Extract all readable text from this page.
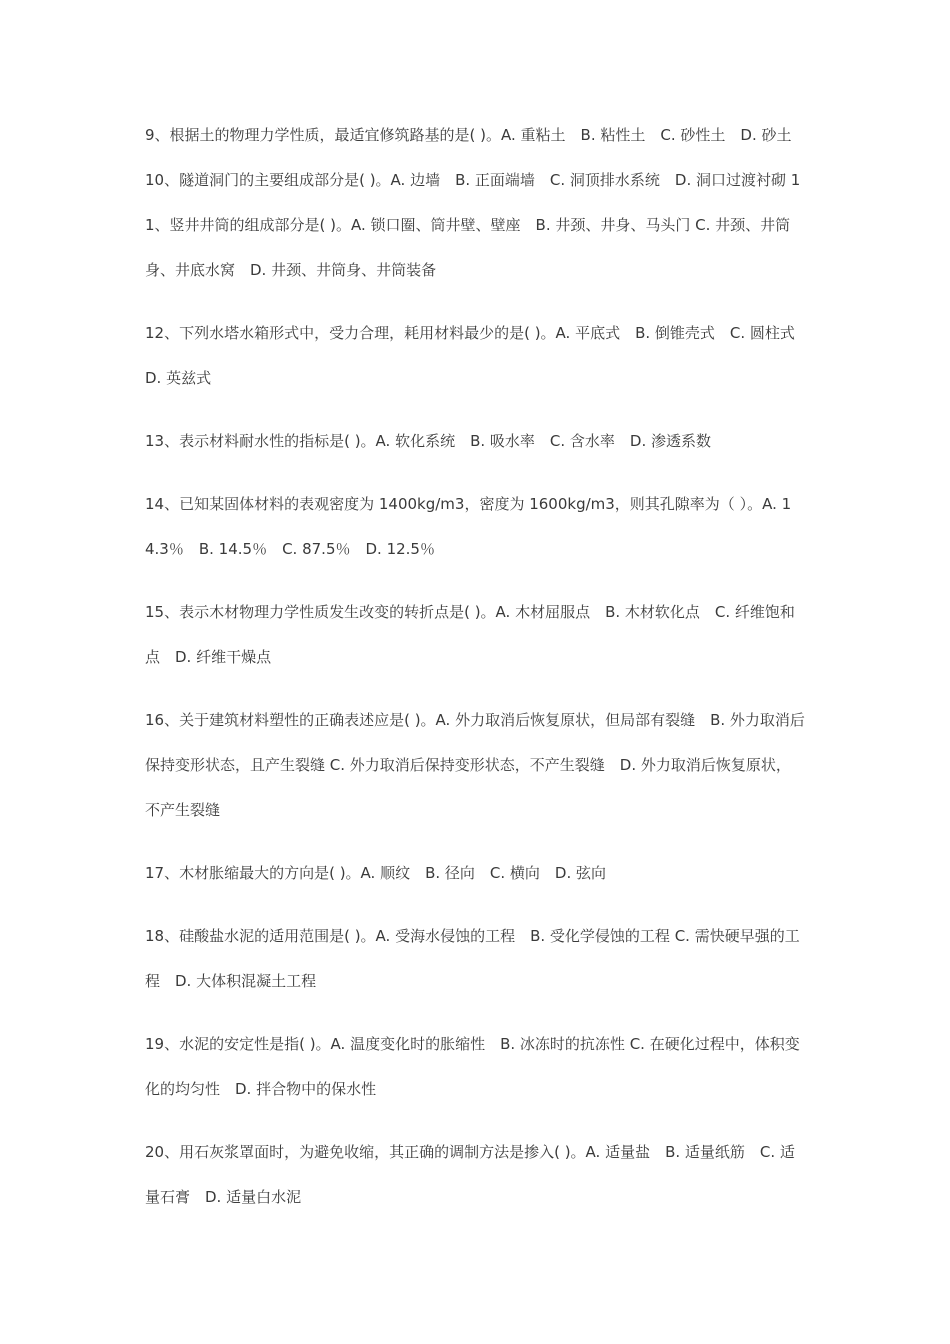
9、根据土的物理力学性质，最适宜修筑路基的是( )。A. 重粘土　B. 粘性土　C. 砂性土　D. 砂土 10、隧道洞门的主要组成部分是( )。A. 边墙　B. 正面端墙　C. 洞顶排水系统　D. 洞口过渡衬砌 11、竖井井筒的组成部分是( )。A. 锁口圈、筒井壁、壁座　B. 井颈、井身、马头门 C. 井颈、井筒身、井底水窝　D. 井颈、井筒身、井筒装备

12、下列水塔水箱形式中，受力合理，耗用材料最少的是( )。A. 平底式　B. 倒锥壳式　C. 圆柱式　D. 英兹式

13、表示材料耐水性的指标是( )。A. 软化系统　B. 吸水率　C. 含水率　D. 渗透系数

14、已知某固体材料的表观密度为 1400kg/m3，密度为 1600kg/m3，则其孔隙率为（ ）。A. 14.3％　B. 14.5％　C. 87.5％　D. 12.5％

15、表示木材物理力学性质发生改变的转折点是( )。A. 木材屈服点　B. 木材软化点　C. 纤维饱和点　D. 纤维干燥点

16、关于建筑材料塑性的正确表述应是( )。A. 外力取消后恢复原状，但局部有裂缝　B. 外力取消后保持变形状态，且产生裂缝 C. 外力取消后保持变形状态，不产生裂缝　D. 外力取消后恢复原状，不产生裂缝

17、木材胀缩最大的方向是( )。A. 顺纹　B. 径向　C. 横向　D. 弦向

18、硅酸盐水泥的适用范围是( )。A. 受海水侵蚀的工程　B. 受化学侵蚀的工程 C. 需快硬早强的工程　D. 大体积混凝土工程

19、水泥的安定性是指( )。A. 温度变化时的胀缩性　B. 冰冻时的抗冻性 C. 在硬化过程中，体积变化的均匀性　D. 拌合物中的保水性

20、用石灰浆罩面时，为避免收缩，其正确的调制方法是掺入( )。A. 适量盐　B. 适量纸筋　C. 适量石膏　D. 适量白水泥
